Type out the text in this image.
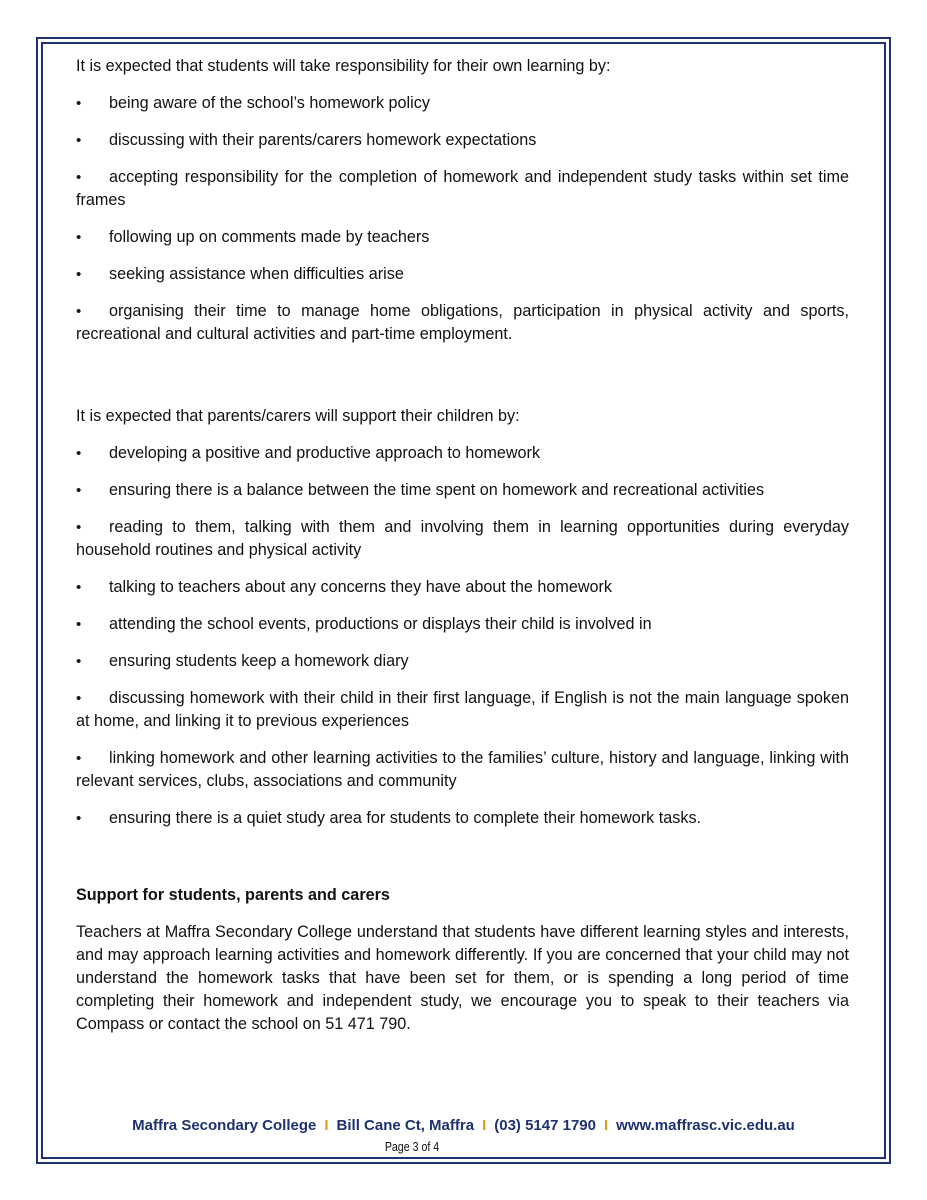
It is expected that students will take responsibility for their own learning by:

• being aware of the school’s homework policy

• discussing with their parents/carers homework expectations

• accepting responsibility for the completion of homework and independent study tasks within set time frames

• following up on comments made by teachers

• seeking assistance when difficulties arise

• organising their time to manage home obligations, participation in physical activity and sports, recreational and cultural activities and part-time employment.

It is expected that parents/carers will support their children by:

• developing a positive and productive approach to homework

• ensuring there is a balance between the time spent on homework and recreational activities

• reading to them, talking with them and involving them in learning opportunities during everyday household routines and physical activity

• talking to teachers about any concerns they have about the homework

• attending the school events, productions or displays their child is involved in

• ensuring students keep a homework diary

• discussing homework with their child in their first language, if English is not the main language spoken at home, and linking it to previous experiences

• linking homework and other learning activities to the families’ culture, history and language, linking with relevant services, clubs, associations and community

• ensuring there is a quiet study area for students to complete their homework tasks.

Support for students, parents and carers

Teachers at Maffra Secondary College understand that students have different learning styles and interests, and may approach learning activities and homework differently. If you are concerned that your child may not understand the homework tasks that have been set for them, or is spending a long period of time completing their homework and independent study, we encourage you to speak to their teachers via Compass or contact the school on 51 471 790.

Maffra Secondary College I Bill Cane Ct, Maffra I (03) 5147 1790 I www.maffrasc.vic.edu.au
Page 3 of 4
